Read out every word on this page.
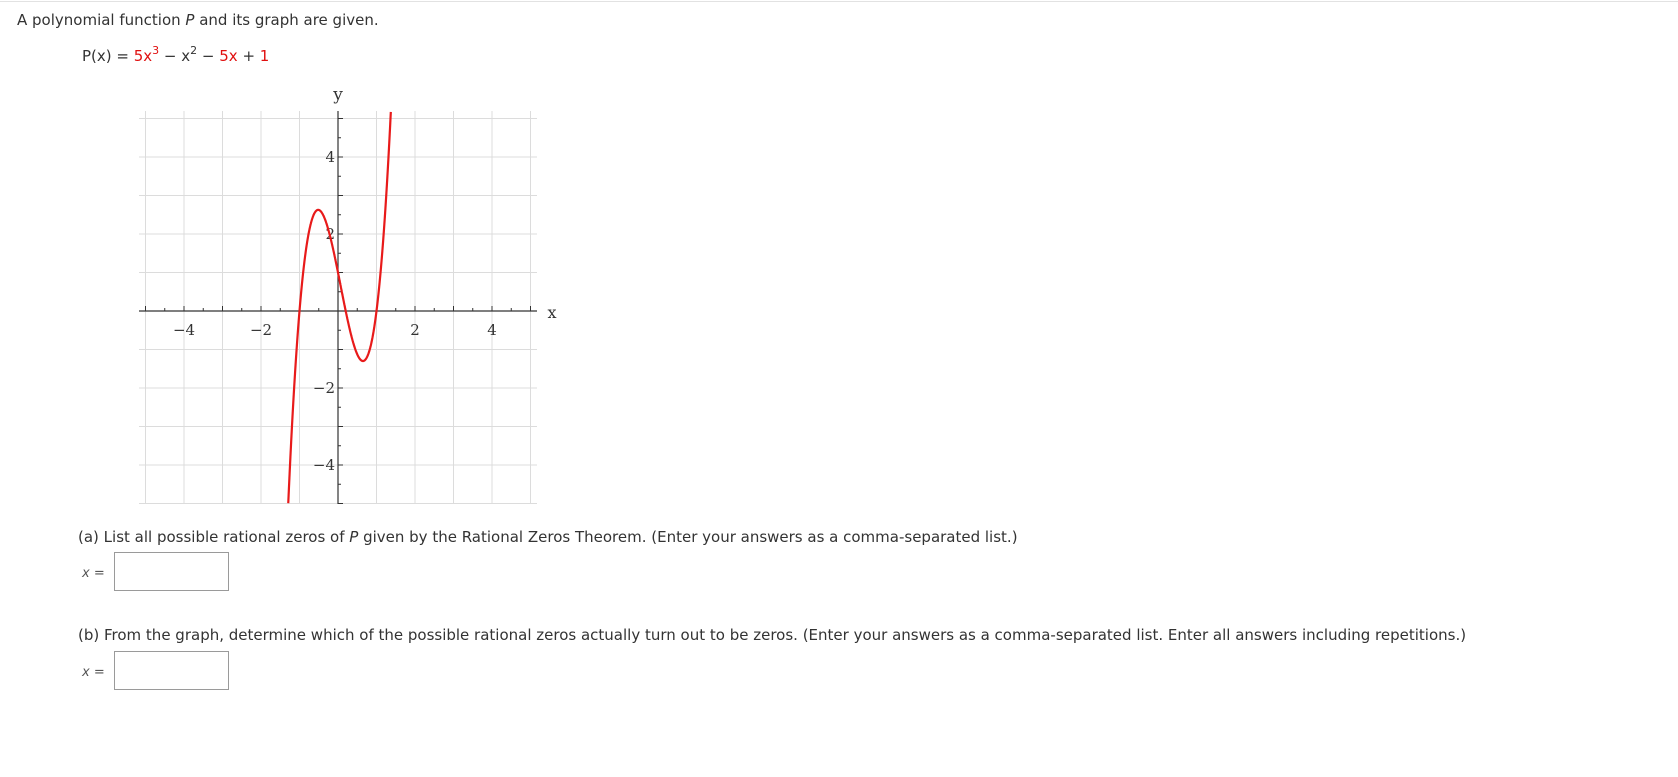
A polynomial function P and its graph are given.
$P(x) = 5x^3 - x^2 - 5x + 1$
−4	−2	2	4
4
2
−2
−4
y
x
(a) List all possible rational zeros of P given by the Rational Zeros Theorem. (Enter your answers as a comma-separated list.)
x =
(b) From the graph, determine which of the possible rational zeros actually turn out to be zeros. (Enter your answers as a comma-separated list. Enter all answers including repetitions.)
x =
